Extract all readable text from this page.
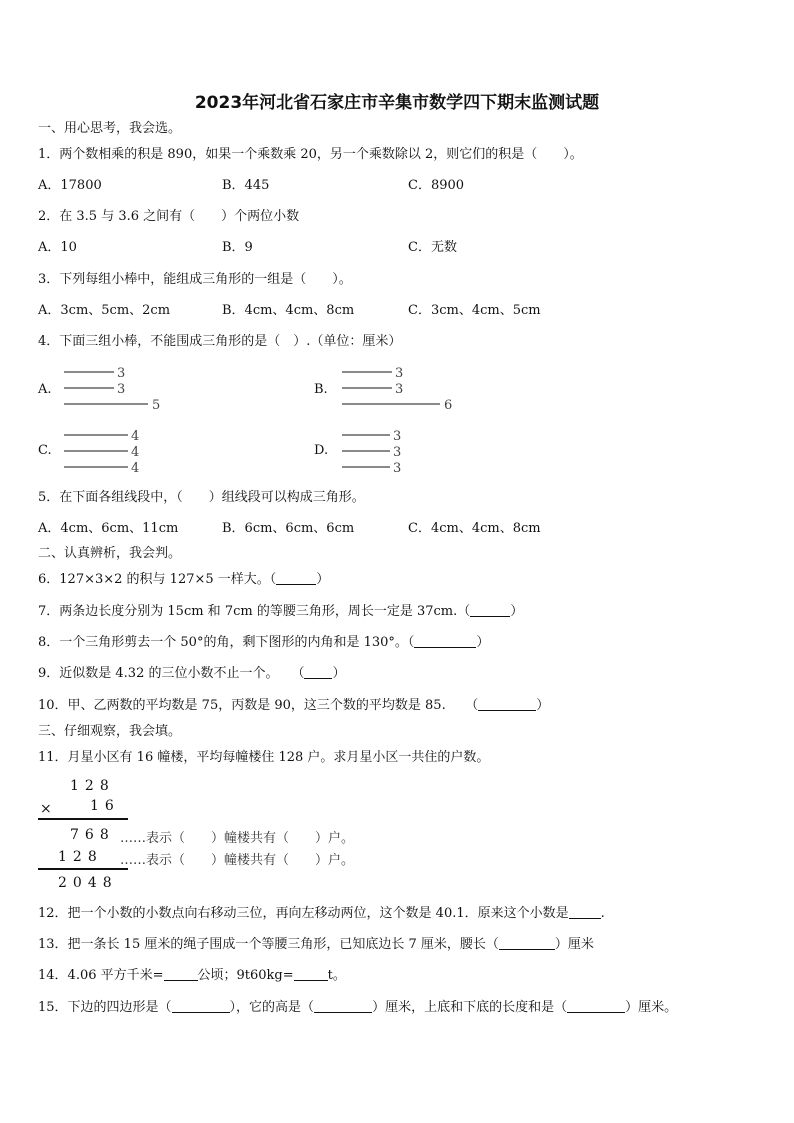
2023年河北省石家庄市辛集市数学四下期末监测试题
一、用心思考，我会选。
1．两个数相乘的积是 890，如果一个乘数乘 20，另一个乘数除以 2，则它们的积是（　　）。
A．17800	B．445	C．8900
2．在 3.5 与 3.6 之间有（　　）个两位小数
A．10	B．9	C．无数
3．下列每组小棒中，能组成三角形的一组是（　　）。
A．3cm、5cm、2cm	B．4cm、4cm、8cm	C．3cm、4cm、5cm
4．下面三组小棒，不能围成三角形的是（　）.（单位：厘米）
A.
3
3
5
B.
3
3
6
C.
4
4
4
D.
3
3
3
5．在下面各组线段中，（　　）组线段可以构成三角形。
A．4cm、6cm、11cm	B．6cm、6cm、6cm	C．4cm、4cm、8cm
二、认真辨析，我会判。
6．127×3×2 的积与 127×5 一样大。（	）
7．两条边长度分别为 15cm 和 7cm 的等腰三角形，周长一定是 37cm.（	）
8．一个三角形剪去一个 50°的角，剩下图形的内角和是 130°。（	）
9．近似数是 4.32 的三位小数不止一个。　　（ ）
10．甲、乙两数的平均数是 75，丙数是 90，这三个数的平均数是 85.　　（	）
三、仔细观察，我会填。
11．月星小区有 16 幢楼，平均每幢楼住 128 户。求月星小区一共住的户数。
128
× 16
768 ……表示（　　）幢楼共有（　　）户。
128 ……表示（　　）幢楼共有（　　）户。
2048
12．把一个小数的小数点向右移动三位，再向左移动两位，这个数是 40.1．原来这个小数是 .
13．把一条长 15 厘米的绳子围成一个等腰三角形，已知底边长 7 厘米，腰长（	）厘米
14．4.06 平方千米=	公顷；9t60kg=	t。
15．下边的四边形是（	），它的高是（	）厘米，上底和下底的长度和是（	）厘米。
